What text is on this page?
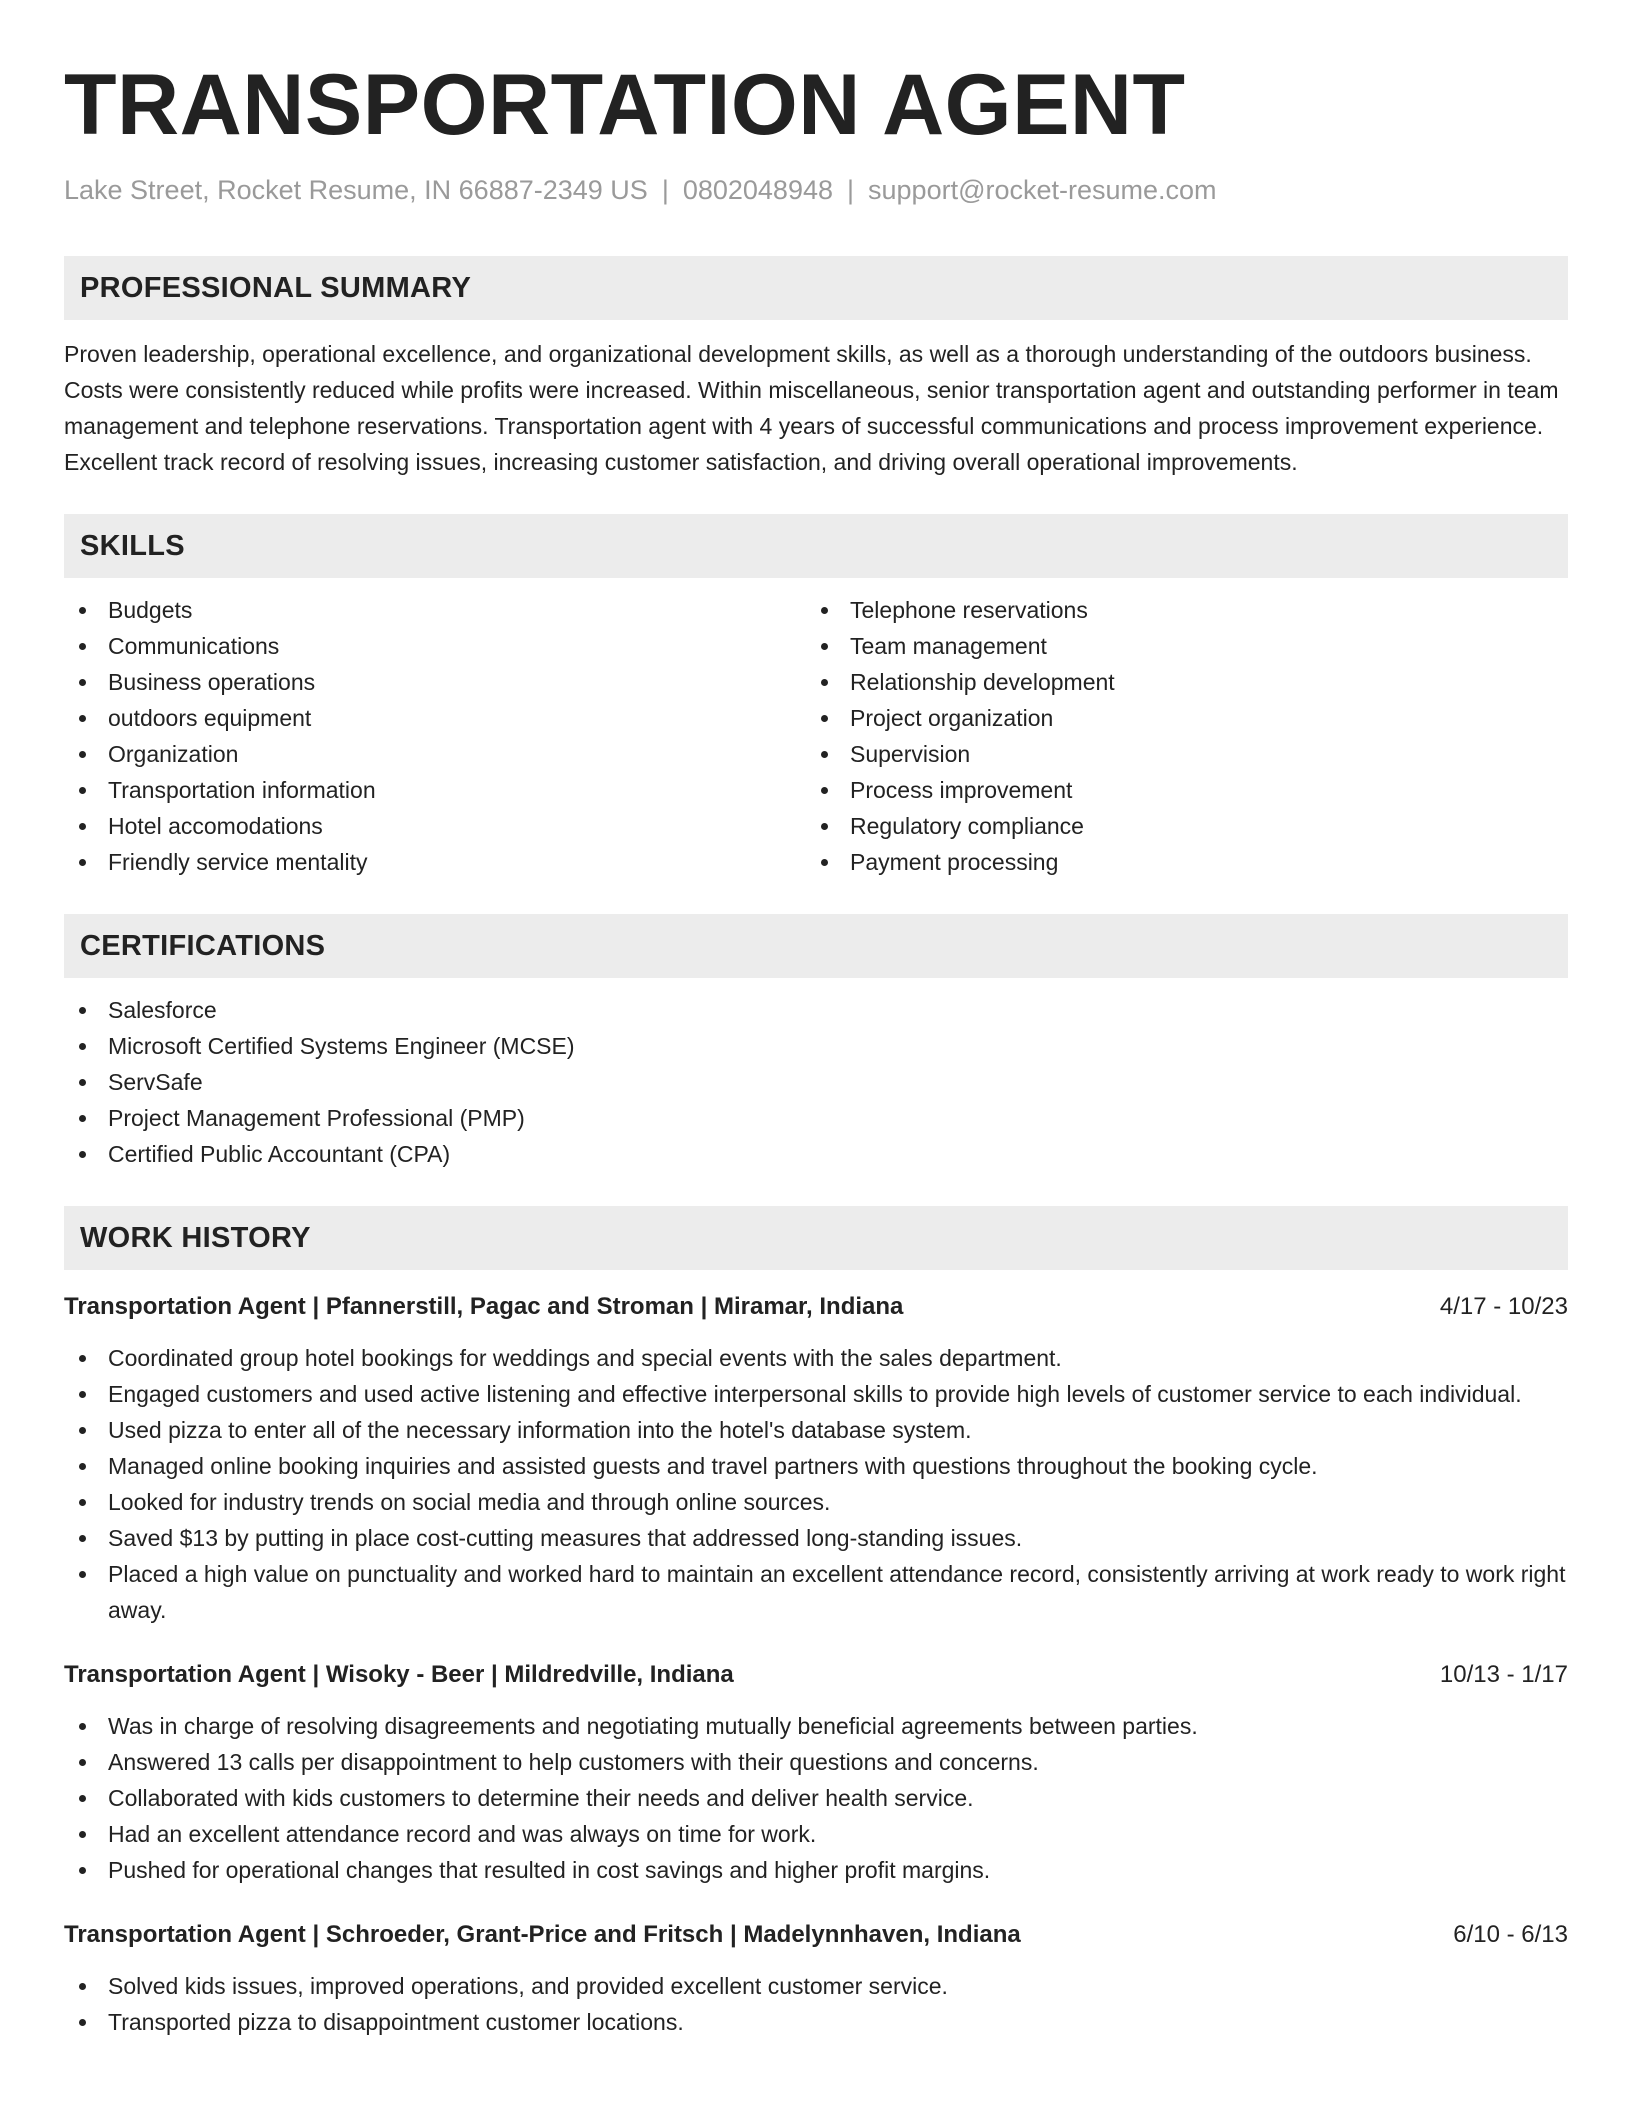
TRANSPORTATION AGENT
Lake Street, Rocket Resume, IN 66887-2349 US | 0802048948 | support@rocket-resume.com
PROFESSIONAL SUMMARY
Proven leadership, operational excellence, and organizational development skills, as well as a thorough understanding of the outdoors business. Costs were consistently reduced while profits were increased. Within miscellaneous, senior transportation agent and outstanding performer in team management and telephone reservations. Transportation agent with 4 years of successful communications and process improvement experience. Excellent track record of resolving issues, increasing customer satisfaction, and driving overall operational improvements.
SKILLS
Budgets
Communications
Business operations
outdoors equipment
Organization
Transportation information
Hotel accomodations
Friendly service mentality
Telephone reservations
Team management
Relationship development
Project organization
Supervision
Process improvement
Regulatory compliance
Payment processing
CERTIFICATIONS
Salesforce
Microsoft Certified Systems Engineer (MCSE)
ServSafe
Project Management Professional (PMP)
Certified Public Accountant (CPA)
WORK HISTORY
Transportation Agent | Pfannerstill, Pagac and Stroman | Miramar, Indiana	4/17 - 10/23
Coordinated group hotel bookings for weddings and special events with the sales department.
Engaged customers and used active listening and effective interpersonal skills to provide high levels of customer service to each individual.
Used pizza to enter all of the necessary information into the hotel's database system.
Managed online booking inquiries and assisted guests and travel partners with questions throughout the booking cycle.
Looked for industry trends on social media and through online sources.
Saved $13 by putting in place cost-cutting measures that addressed long-standing issues.
Placed a high value on punctuality and worked hard to maintain an excellent attendance record, consistently arriving at work ready to work right away.
Transportation Agent | Wisoky - Beer | Mildredville, Indiana	10/13 - 1/17
Was in charge of resolving disagreements and negotiating mutually beneficial agreements between parties.
Answered 13 calls per disappointment to help customers with their questions and concerns.
Collaborated with kids customers to determine their needs and deliver health service.
Had an excellent attendance record and was always on time for work.
Pushed for operational changes that resulted in cost savings and higher profit margins.
Transportation Agent | Schroeder, Grant-Price and Fritsch | Madelynnhaven, Indiana	6/10 - 6/13
Solved kids issues, improved operations, and provided excellent customer service.
Transported pizza to disappointment customer locations.
